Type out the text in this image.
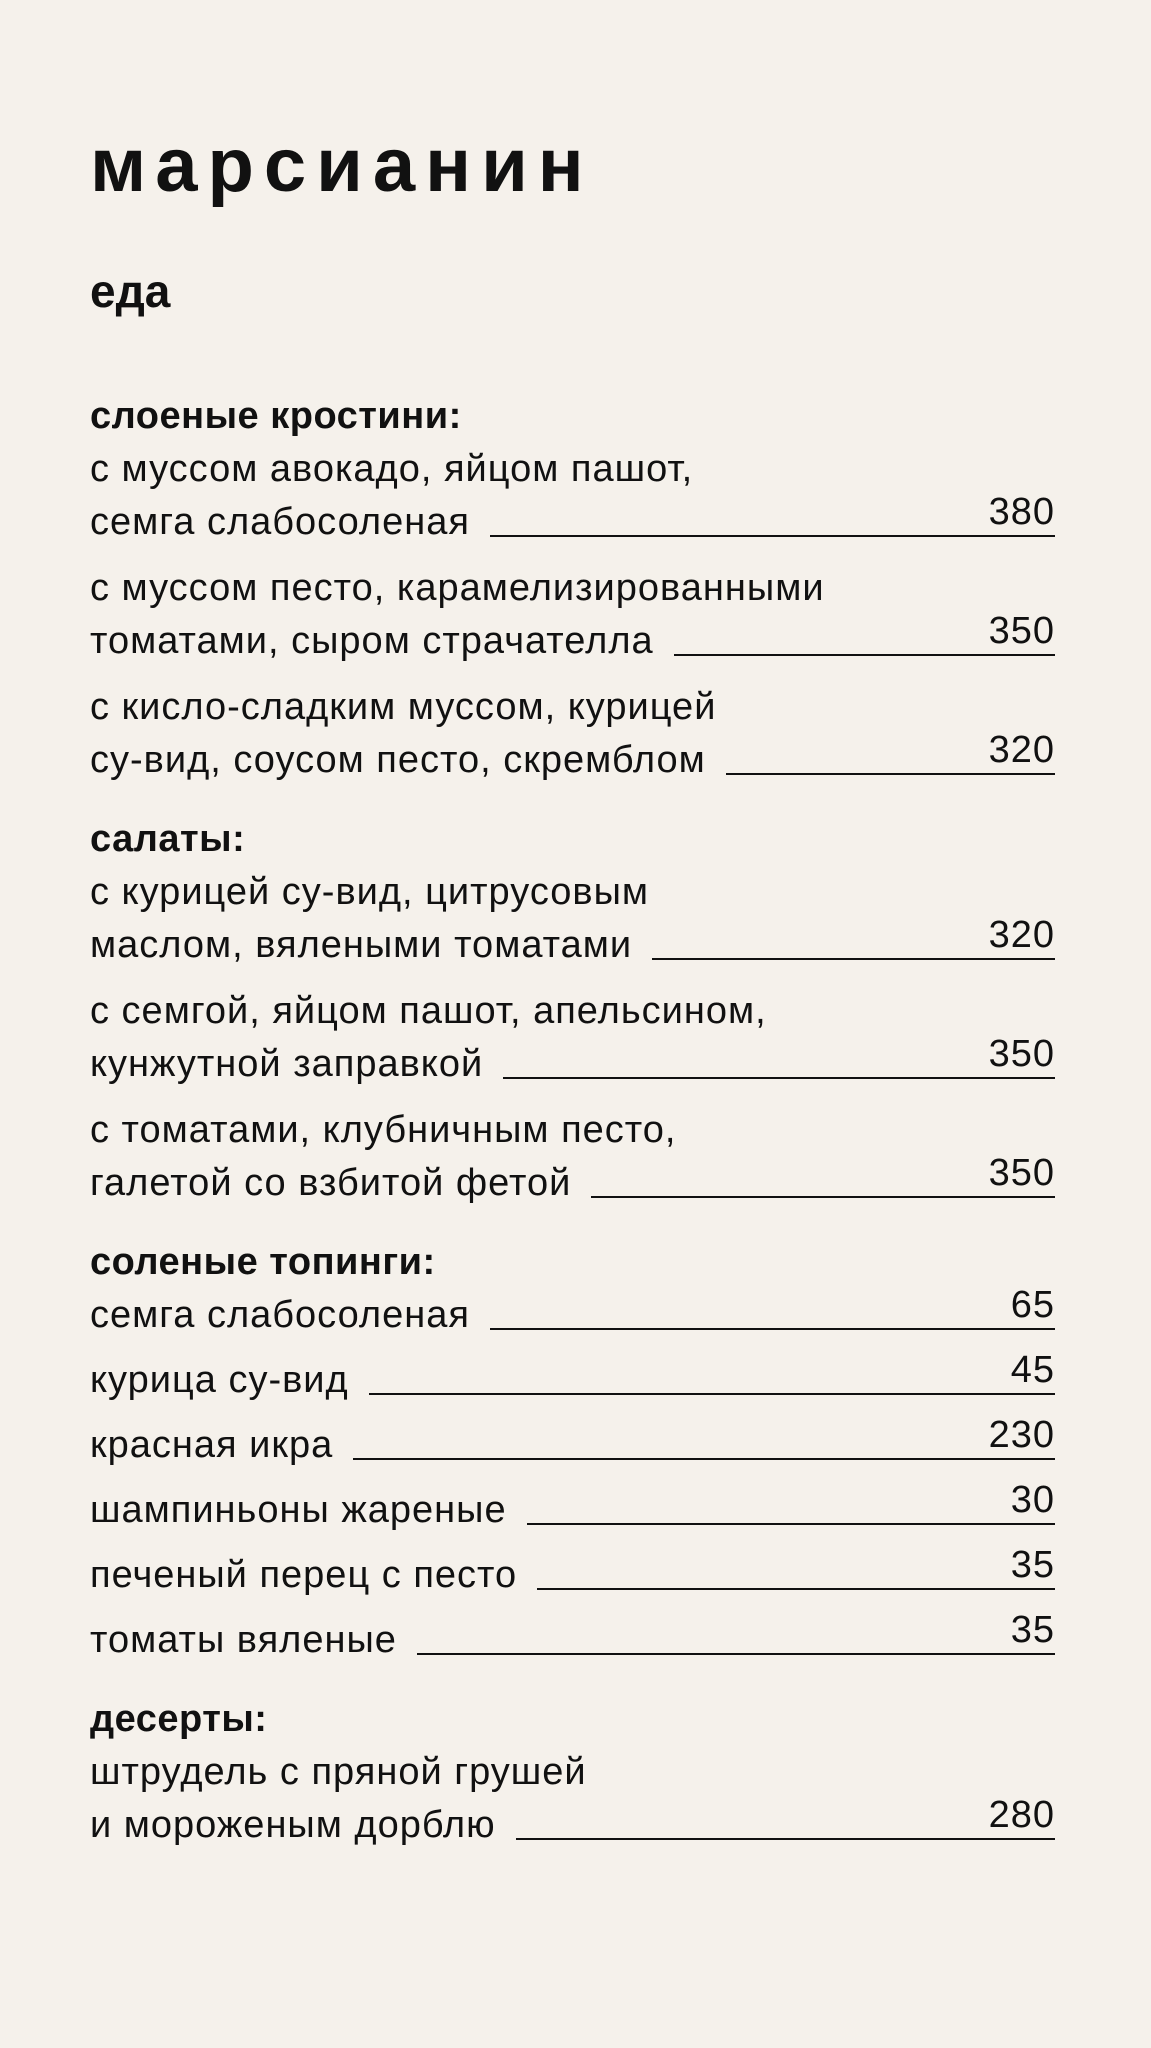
марсианин
еда
слоеные кростини:
с муссом авокадо, яйцом пашот,
семга слабосоленая	380
с муссом песто, карамелизированными
томатами, сыром страчателла	350
с кисло-сладким муссом, курицей
су-вид, соусом песто, скремблом	320
салаты:
с курицей су-вид, цитрусовым
маслом, вялеными томатами	320
с семгой, яйцом пашот, апельсином,
кунжутной заправкой	350
с томатами, клубничным песто,
галетой со взбитой фетой	350
соленые топинги:
семга слабосоленая	65
курица су-вид	45
красная икра	230
шампиньоны жареные	30
печеный перец с песто	35
томаты вяленые	35
десерты:
штрудель с пряной грушей
и мороженым дорблю	280
